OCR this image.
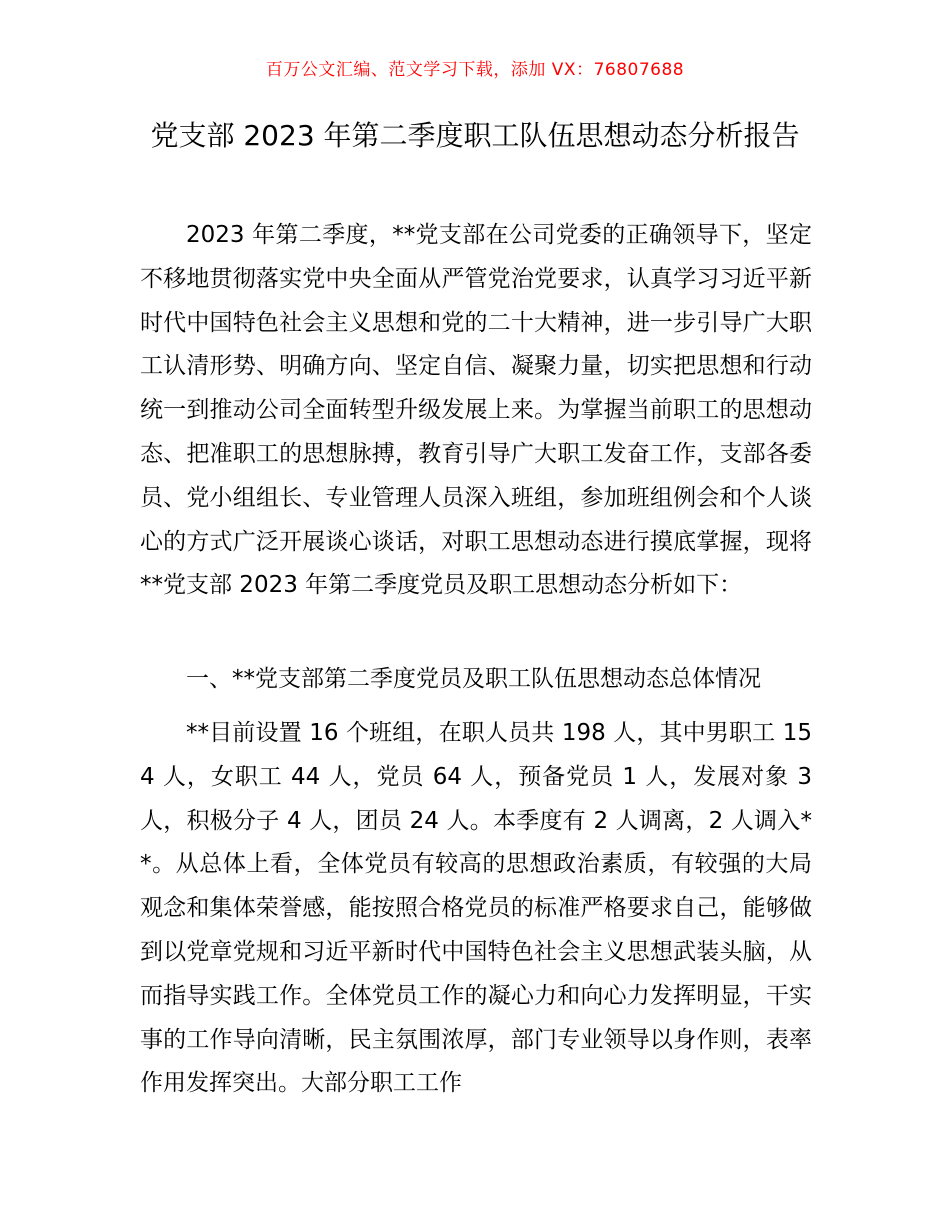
百万公文汇编、范文学习下载，添加 VX：76807688
党支部 2023 年第二季度职工队伍思想动态分析报告

2023 年第二季度，**党支部在公司党委的正确领导下，坚定不移地贯彻落实党中央全面从严管党治党要求，认真学习习近平新时代中国特色社会主义思想和党的二十大精神，进一步引导广大职工认清形势、明确方向、坚定自信、凝聚力量，切实把思想和行动统一到推动公司全面转型升级发展上来。为掌握当前职工的思想动态、把准职工的思想脉搏，教育引导广大职工发奋工作，支部各委员、党小组组长、专业管理人员深入班组，参加班组例会和个人谈心的方式广泛开展谈心谈话，对职工思想动态进行摸底掌握，现将**党支部 2023 年第二季度党员及职工思想动态分析如下：

一、**党支部第二季度党员及职工队伍思想动态总体情况

**目前设置 16 个班组，在职人员共 198 人，其中男职工 154 人，女职工 44 人，党员 64 人，预备党员 1 人，发展对象 3 人，积极分子 4 人，团员 24 人。本季度有 2 人调离，2 人调入**。从总体上看，全体党员有较高的思想政治素质，有较强的大局观念和集体荣誉感，能按照合格党员的标准严格要求自己，能够做到以党章党规和习近平新时代中国特色社会主义思想武装头脑，从而指导实践工作。全体党员工作的凝心力和向心力发挥明显，干实事的工作导向清晰，民主氛围浓厚，部门专业领导以身作则，表率作用发挥突出。大部分职工工作
